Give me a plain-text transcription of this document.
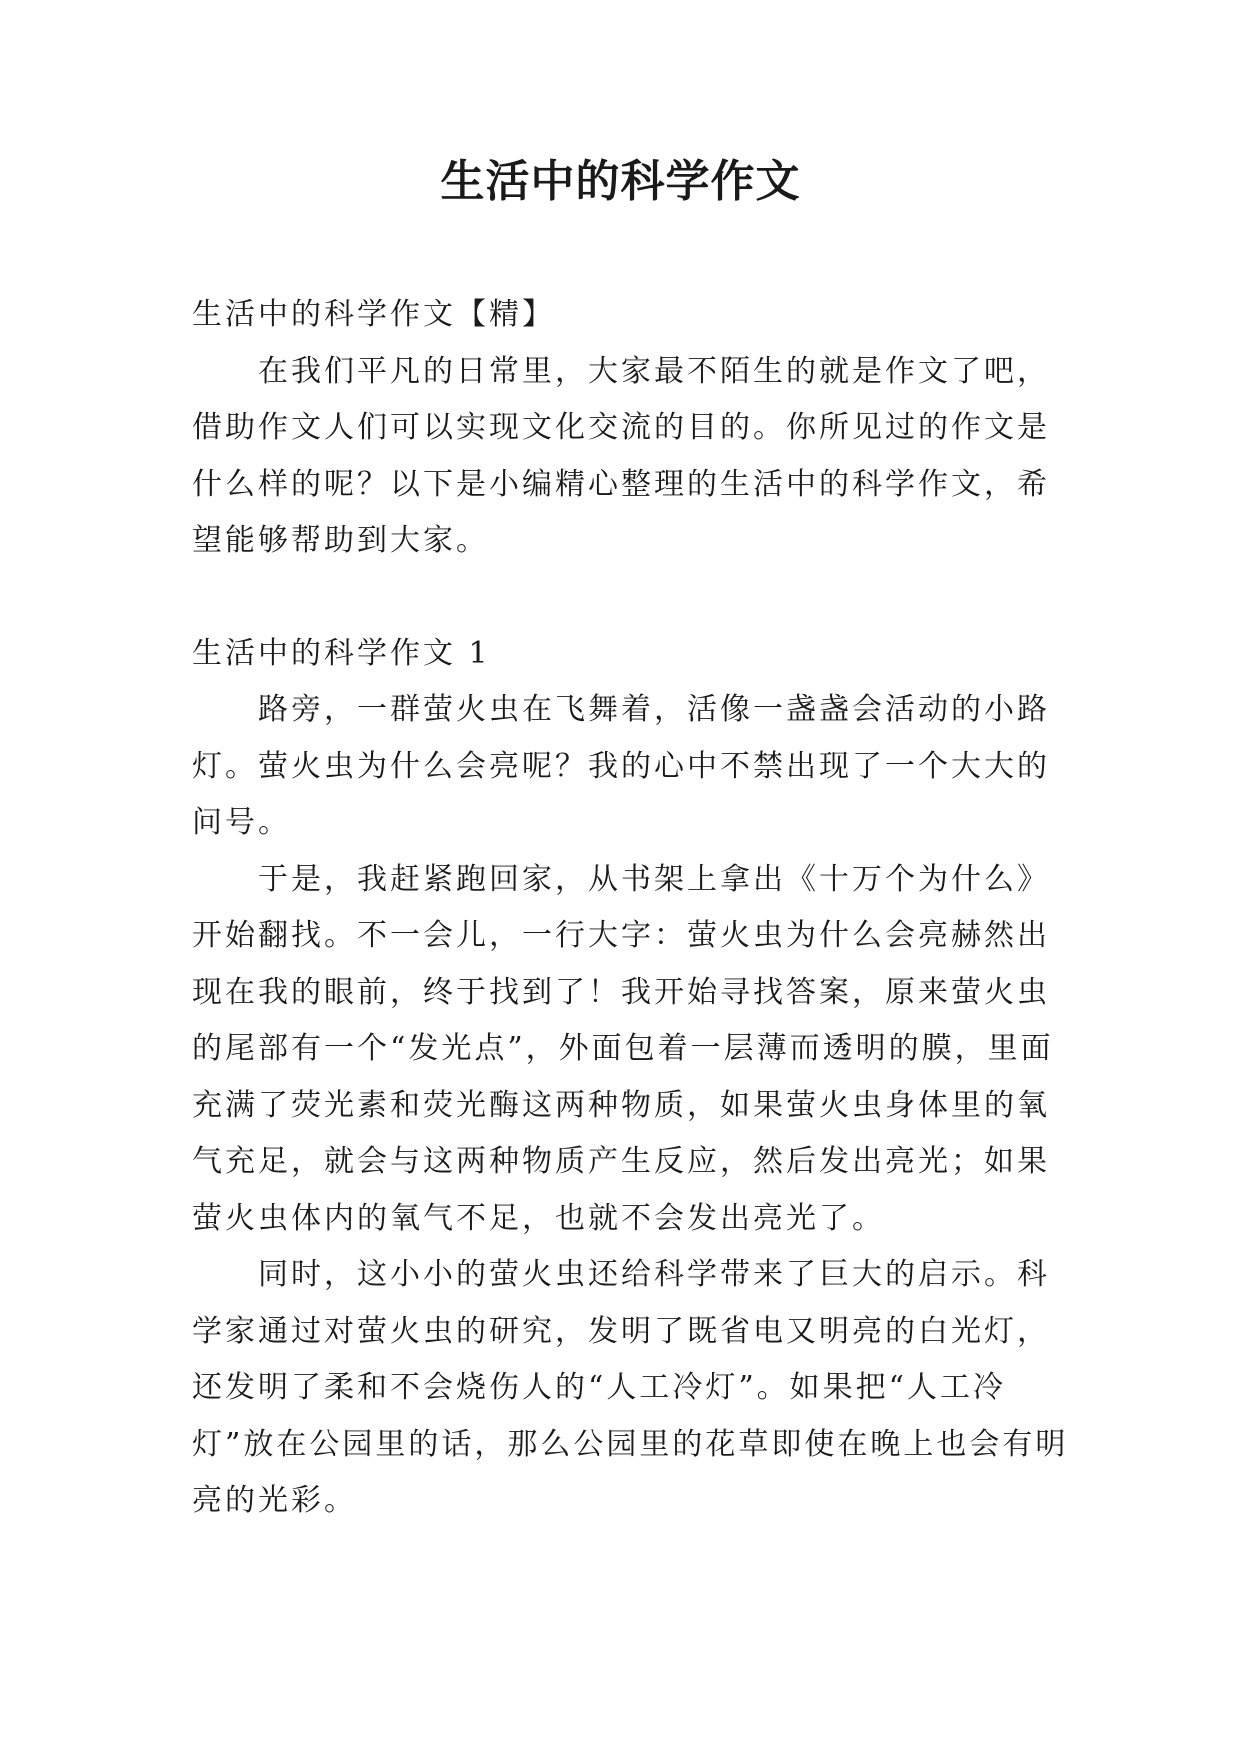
生活中的科学作文

生活中的科学作文【精】

在我们平凡的日常里，大家最不陌生的就是作文了吧，借助作文人们可以实现文化交流的目的。你所见过的作文是什么样的呢？以下是小编精心整理的生活中的科学作文，希望能够帮助到大家。

生活中的科学作文 1

路旁，一群萤火虫在飞舞着，活像一盏盏会活动的小路灯。萤火虫为什么会亮呢？我的心中不禁出现了一个大大的问号。

于是，我赶紧跑回家，从书架上拿出《十万个为什么》开始翻找。不一会儿，一行大字：萤火虫为什么会亮赫然出现在我的眼前，终于找到了！我开始寻找答案，原来萤火虫的尾部有一个“发光点”，外面包着一层薄而透明的膜，里面充满了荧光素和荧光酶这两种物质，如果萤火虫身体里的氧气充足，就会与这两种物质产生反应，然后发出亮光；如果萤火虫体内的氧气不足，也就不会发出亮光了。

同时，这小小的萤火虫还给科学带来了巨大的启示。科学家通过对萤火虫的研究，发明了既省电又明亮的白光灯，还发明了柔和不会烧伤人的“人工冷灯”。如果把“人工冷灯”放在公园里的话，那么公园里的花草即使在晚上也会有明亮的光彩。
